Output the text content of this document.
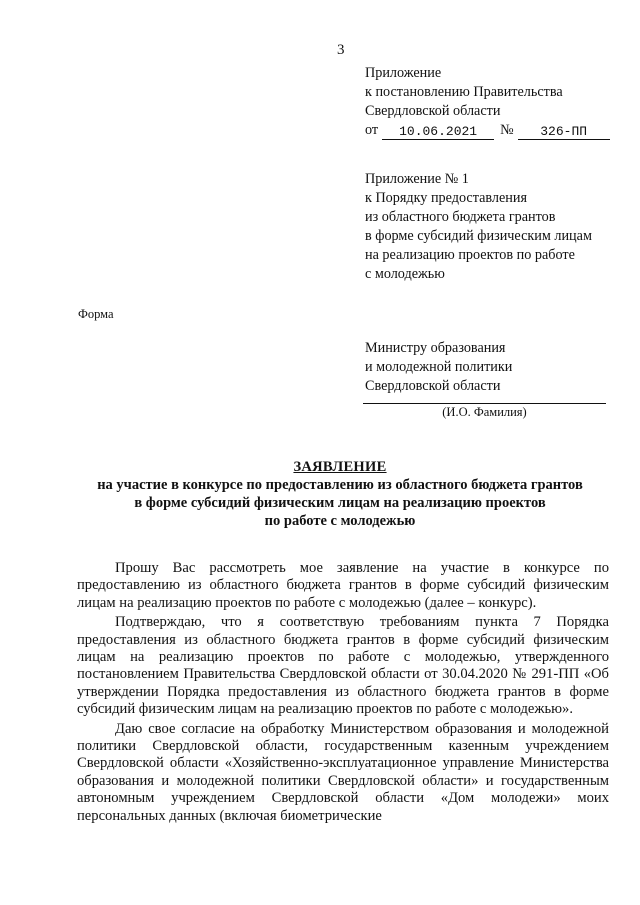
3
Приложение
к постановлению Правительства
Свердловской области
от	10.06.2021	№	326-ПП
Приложение № 1
к Порядку предоставления
из областного бюджета грантов
в форме субсидий физическим лицам
на реализацию проектов по работе
с молодежью
Форма
Министру образования
и молодежной политики
Свердловской области
(И.О. Фамилия)
ЗАЯВЛЕНИЕ
на участие в конкурсе по предоставлению из областного бюджета грантов
в форме субсидий физическим лицам на реализацию проектов
по работе с молодежью

Прошу Вас рассмотреть мое заявление на участие в конкурсе по предоставлению из областного бюджета грантов в форме субсидий физическим лицам на реализацию проектов по работе с молодежью (далее – конкурс).

Подтверждаю, что я соответствую требованиям пункта 7 Порядка предоставления из областного бюджета грантов в форме субсидий физическим лицам на реализацию проектов по работе с молодежью, утвержденного постановлением Правительства Свердловской области от 30.04.2020 № 291-ПП «Об утверждении Порядка предоставления из областного бюджета грантов в форме субсидий физическим лицам на реализацию проектов по работе с молодежью».

Даю свое согласие на обработку Министерством образования и молодежной политики Свердловской области, государственным казенным учреждением Свердловской области «Хозяйственно-эксплуатационное управление Министерства образования и молодежной политики Свердловской области» и государственным автономным учреждением Свердловской области «Дом молодежи» моих персональных данных (включая биометрические
